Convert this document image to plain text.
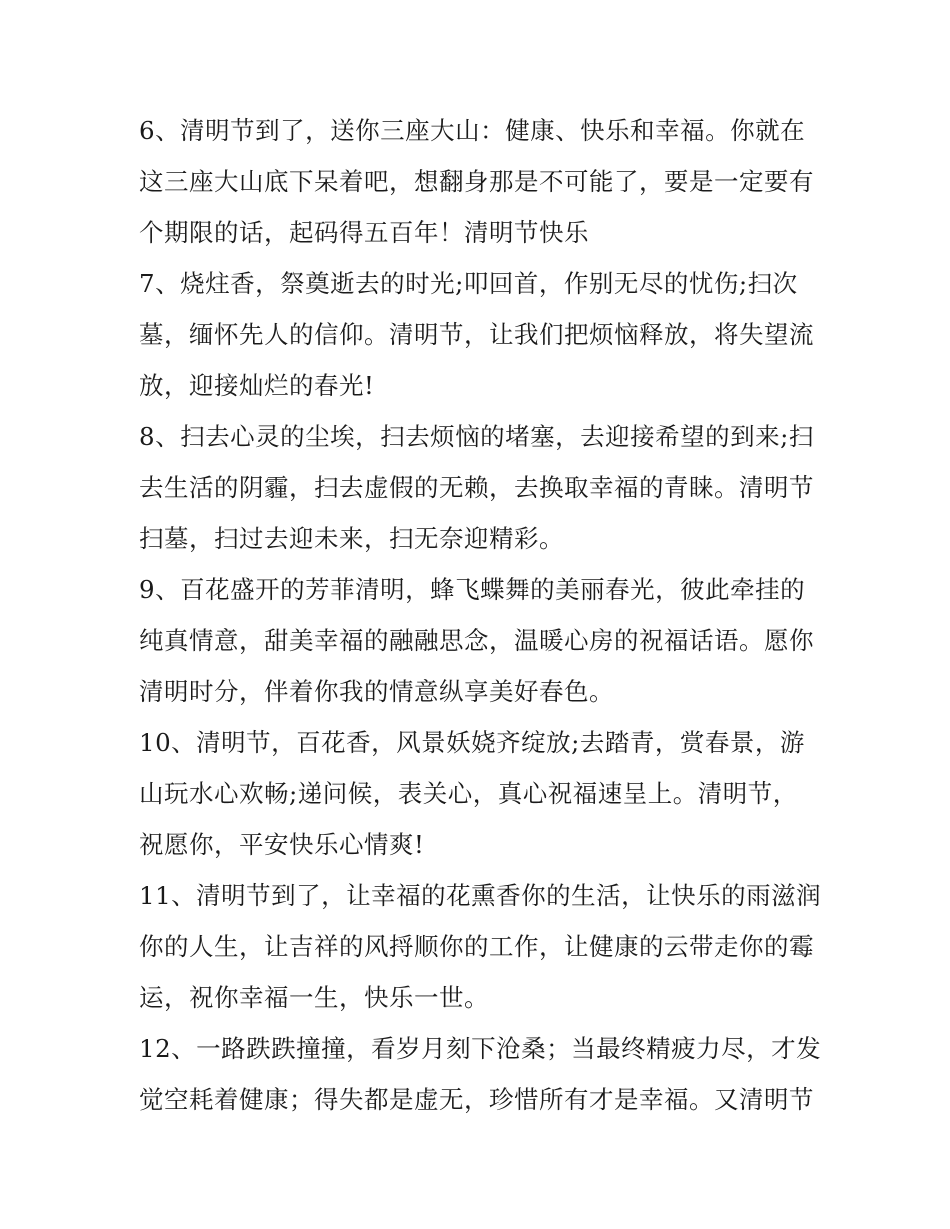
6、清明节到了，送你三座大山：健康、快乐和幸福。你就在
这三座大山底下呆着吧，想翻身那是不可能了，要是一定要有
个期限的话，起码得五百年！清明节快乐
7、烧炷香，祭奠逝去的时光;叩回首，作别无尽的忧伤;扫次
墓，缅怀先人的信仰。清明节，让我们把烦恼释放，将失望流
放，迎接灿烂的春光!
8、扫去心灵的尘埃，扫去烦恼的堵塞，去迎接希望的到来;扫
去生活的阴霾，扫去虚假的无赖，去换取幸福的青睐。清明节
扫墓，扫过去迎未来，扫无奈迎精彩。
9、百花盛开的芳菲清明，蜂飞蝶舞的美丽春光，彼此牵挂的
纯真情意，甜美幸福的融融思念，温暖心房的祝福话语。愿你
清明时分，伴着你我的情意纵享美好春色。
10、清明节，百花香，风景妖娆齐绽放;去踏青，赏春景，游
山玩水心欢畅;递问候，表关心，真心祝福速呈上。清明节，
祝愿你，平安快乐心情爽!
11、清明节到了，让幸福的花熏香你的生活，让快乐的雨滋润
你的人生，让吉祥的风捋顺你的工作，让健康的云带走你的霉
运，祝你幸福一生，快乐一世。
12、一路跌跌撞撞，看岁月刻下沧桑；当最终精疲力尽，才发
觉空耗着健康；得失都是虚无，珍惜所有才是幸福。又清明节
